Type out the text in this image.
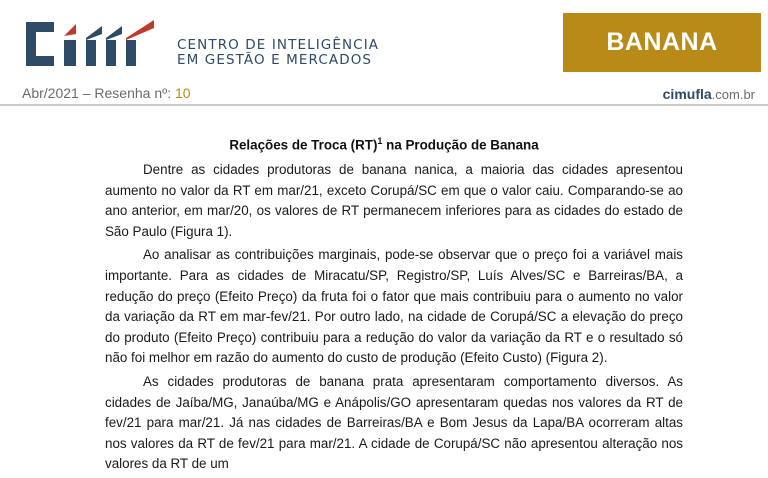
CENTRO DE INTELIGÊNCIA
EM GESTÃO E MERCADOS
BANANA
Abr/2021 – Resenha nº: 10	cimufla.com.br
Relações de Troca (RT)$^1$ na Produção de Banana

Dentre as cidades produtoras de banana nanica, a maioria das cidades apresentou aumento no valor da RT em mar/21, exceto Corupá/SC em que o valor caiu. Comparando-se ao ano anterior, em mar/20, os valores de RT permanecem inferiores para as cidades do estado de São Paulo (Figura 1).

Ao analisar as contribuições marginais, pode-se observar que o preço foi a variável mais importante. Para as cidades de Miracatu/SP, Registro/SP, Luís Alves/SC e Barreiras/BA, a redução do preço (Efeito Preço) da fruta foi o fator que mais contribuiu para o aumento no valor da variação da RT em mar-fev/21. Por outro lado, na cidade de Corupá/SC a elevação do preço do produto (Efeito Preço) contribuiu para a redução do valor da variação da RT e o resultado só não foi melhor em razão do aumento do custo de produção (Efeito Custo) (Figura 2).

As cidades produtoras de banana prata apresentaram comportamento diversos. As cidades de Jaíba/MG, Janaúba/MG e Anápolis/GO apresentaram quedas nos valores da RT de fev/21 para mar/21. Já nas cidades de Barreiras/BA e Bom Jesus da Lapa/BA ocorreram altas nos valores da RT de fev/21 para mar/21. A cidade de Corupá/SC não apresentou alteração nos valores da RT de um
